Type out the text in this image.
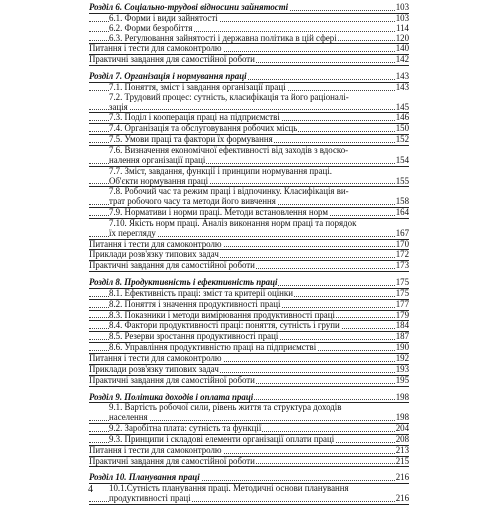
Розділ 6. Соціально-трудові відносини зайнятості	103
6.1. Форми і види зайнятості	103
6.2. Форми безробіття	114
6.3. Регулювання зайнятості і державна політика в цій сфері	120
Питання і тести для самоконтролю	140
Практичні завдання для самостійної роботи	142
Розділ 7. Організація і нормування праці	143
7.1. Поняття, зміст і завдання організації праці	143
7.2. Трудовий процес: сутність, класифікація та його раціоналі-
зація	145
7.3. Поділ і кооперація праці на підприємстві	146
7.4. Організація та обслуговування робочих місць	150
7.5. Умови праці та фактори їх формування	152
7.6. Визначення економічної ефективності від заходів з вдоско-
налення організації праці	154
7.7. Зміст, завдання, функції і принципи нормування праці.
Об'єкти нормування праці	155
7.8. Робочий час та режим праці і відпочинку. Класифікація ви-
трат робочого часу та методи його вивчення	158
7.9. Нормативи і норми праці. Методи встановлення норм	164
7.10. Якість норм праці. Аналіз виконання норм праці та порядок
їх перегляду	167
Питання і тести для самоконтролю	170
Приклади розв'язку типових задач	172
Практичні завдання для самостійної роботи	173
Розділ 8. Продуктивність і ефективність праці	175
8.1. Ефективність праці: зміст та критерії оцінки	175
8.2. Поняття і значення продуктивності праці	177
8.3. Показники і методи вимірювання продуктивності праці	179
8.4. Фактори продуктивності праці: поняття, сутність і групи	184
8.5. Резерви зростання продуктивності праці	187
8.6. Управління продуктивністю праці на підприємстві	190
Питання і тести для самоконтролю	192
Приклади розв'язку типових задач	193
Практичні завдання для самостійної роботи	195
Розділ 9. Політика доходів і оплата праці	198
9.1. Вартість робочої сили, рівень життя та структура доходів
населення	198
9.2. Заробітна плата: сутність та функції	204
9.3. Принципи і складові елементи організації оплати праці	208
Питання і тести для самоконтролю	213
Практичні завдання для самостійної роботи	215
Розділ 10. Планування праці	216
10.1.Сутність планування праці. Методичні основи планування
продуктивності праці	216
4
